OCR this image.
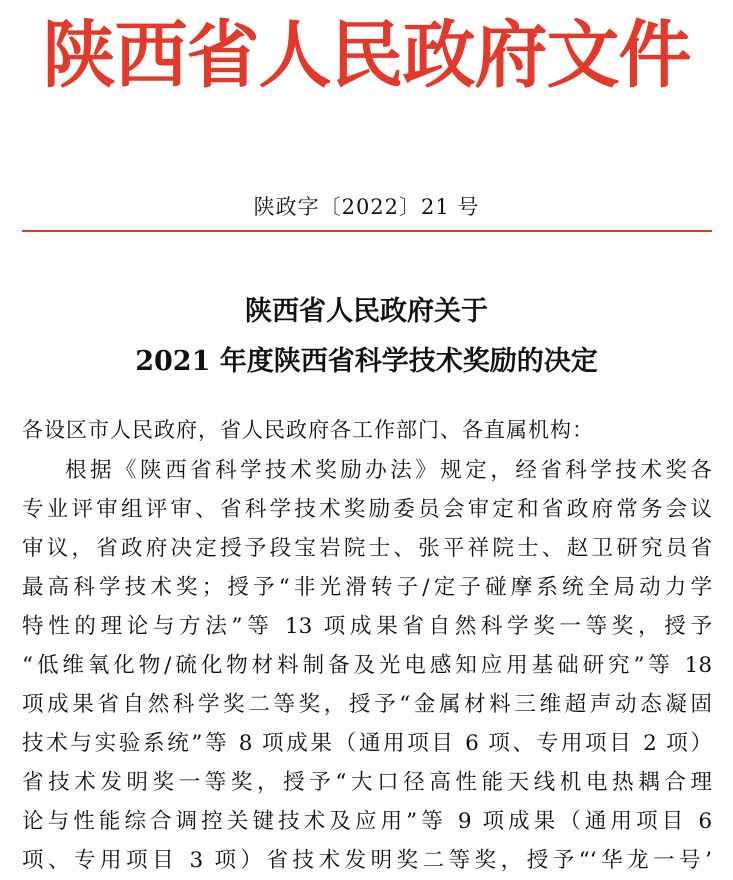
陕西省人民政府文件
陕政字〔2022〕21 号
陕西省人民政府关于
2021 年度陕西省科学技术奖励的决定
各设区市人民政府，省人民政府各工作部门、各直属机构：
根据《陕西省科学技术奖励办法》规定，经省科学技术奖各
专业评审组评审、省科学技术奖励委员会审定和省政府常务会议
审议，省政府决定授予段宝岩院士、张平祥院士、赵卫研究员省
最高科学技术奖；授予“非光滑转子/定子碰摩系统全局动力学
特性的理论与方法”等 13 项成果省自然科学奖一等奖，授予
“低维氧化物/硫化物材料制备及光电感知应用基础研究”等 18
项成果省自然科学奖二等奖，授予“金属材料三维超声动态凝固
技术与实验系统”等 8 项成果（通用项目 6 项、专用项目 2 项）
省技术发明奖一等奖，授予“大口径高性能天线机电热耦合理
论与性能综合调控关键技术及应用”等 9 项成果（通用项目 6
项、专用项目 3 项）省技术发明奖二等奖，授予“‘华龙一号’
